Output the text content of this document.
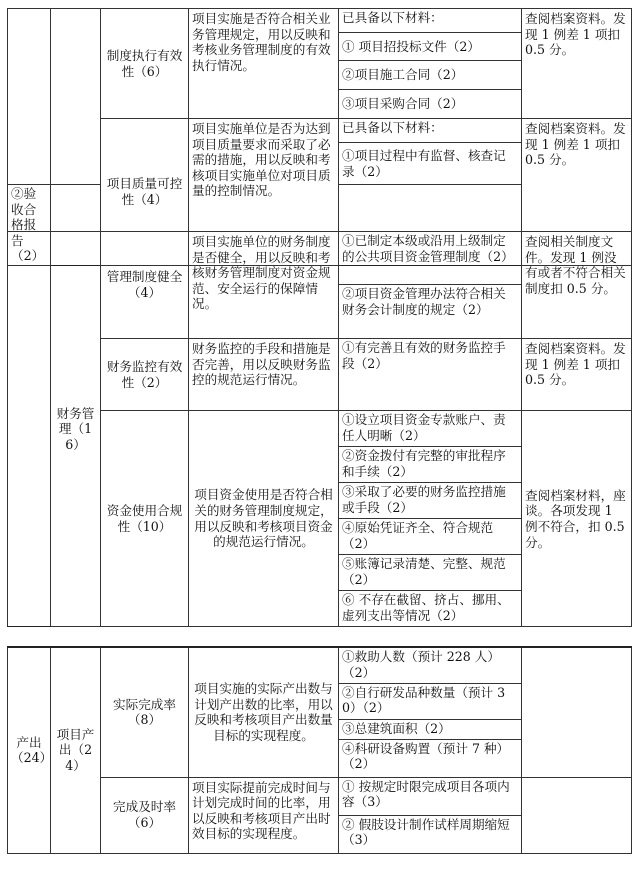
		制度执行有效性（6）	项目实施是否符合相关业务管理规定，用以反映和考核业务管理制度的有效执行情况。	已具备以下材料：	查阅档案资料。发现 1 例差 1 项扣 0.5 分。
				① 项目招投标文件（2）	
				②项目施工合同（2）	
				③项目采购合同（2）	
		项目质量可控性（4）	项目实施单位是否为达到项目质量要求而采取了必需的措施，用以反映和考核项目实施单位对项目质量的控制情况。	已具备以下材料：	查阅档案资料。发现 1 例差 1 项扣 0.5 分。
				①项目过程中有监督、核查记录（2）	
②验收合格报告（2）					
	财务管理（16）	管理制度健全（4）	项目实施单位的财务制度是否健全，用以反映和考核财务管理制度对资金规范、安全运行的保障情况。	①已制定本级或沿用上级制定的公共项目资金管理制度（2）	查阅相关制度文件。发现 1 例没有或者不符合相关制度扣 0.5 分。
				②项目资金管理办法符合相关财务会计制度的规定（2）	
		财务监控有效性（2）	财务监控的手段和措施是否完善，用以反映财务监控的规范运行情况。	①有完善且有效的财务监控手段（2）	查阅档案资料。发现 1 例差 1 项扣 0.5 分。
		资金使用合规性（10）	项目资金使用是否符合相关的财务管理制度规定，用以反映和考核项目资金的规范运行情况。	①设立项目资金专款账户、责任人明晰（2）	查阅档案材料，座谈。各项发现 1 例不符合，扣 0.5 分。
				②资金拨付有完整的审批程序和手续（2）	
				③采取了必要的财务监控措施或手段（2）	
				④原始凭证齐全、符合规范（2）	
				⑤账簿记录清楚、完整、规范（2）	
				⑥ 不存在截留、挤占、挪用、虚列支出等情况（2）	
产出（24）	项目产出（24）	实际完成率（8）	项目实施的实际产出数与计划产出数的比率，用以反映和考核项目产出数量目标的实现程度。	①救助人数（预计 228 人）（2）	
				②自行研发品种数量（预计 30）（2）	
				③总建筑面积（2）	
				④科研设备购置（预计 7 种）（2）	
		完成及时率（6）	项目实际提前完成时间与计划完成时间的比率，用以反映和考核项目产出时效目标的实现程度。	① 按规定时限完成项目各项内容（3）	
				② 假肢设计制作试样周期缩短（3）	
